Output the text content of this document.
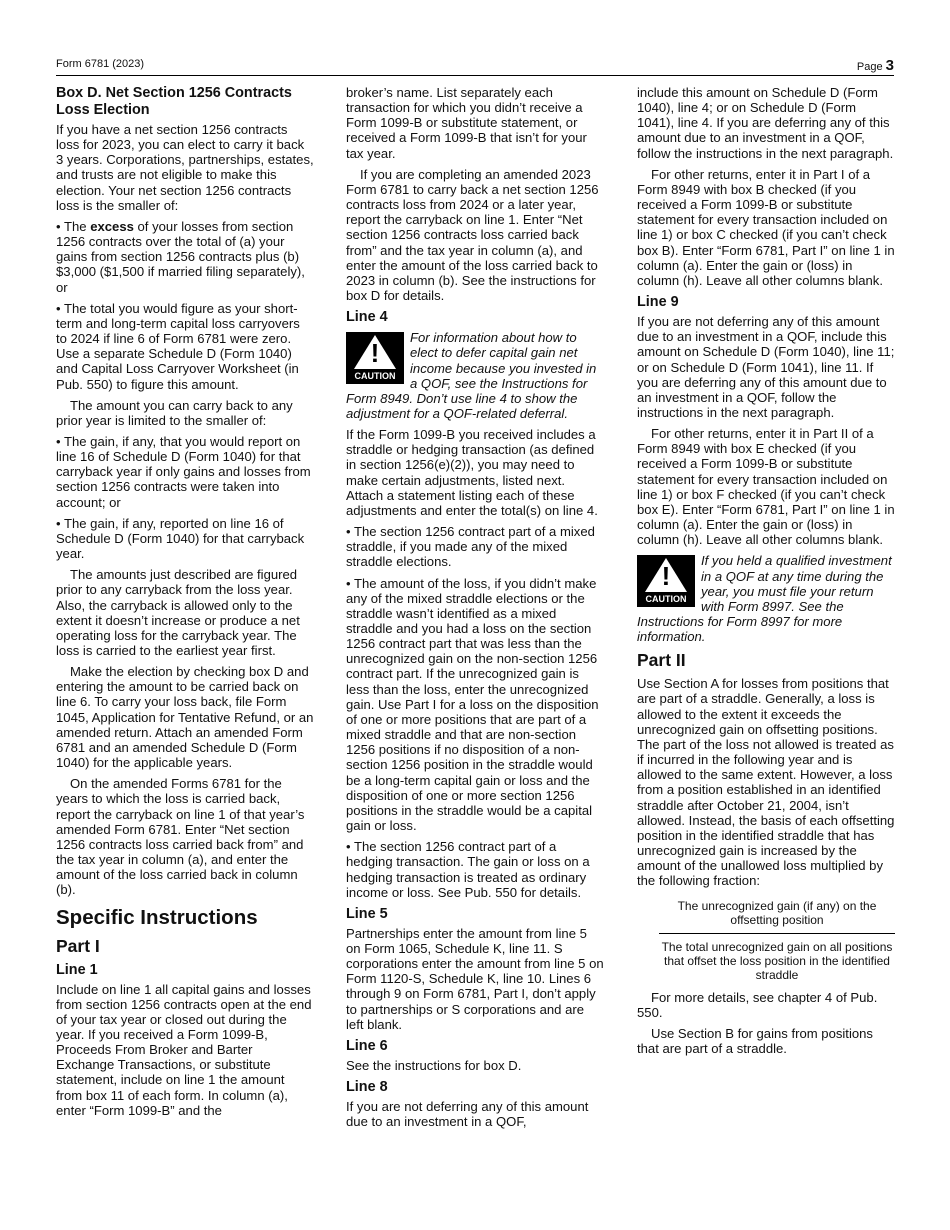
Form 6781 (2023)	Page 3
Box D. Net Section 1256 Contracts Loss Election

If you have a net section 1256 contracts loss for 2023, you can elect to carry it back 3 years. Corporations, partnerships, estates, and trusts are not eligible to make this election. Your net section 1256 contracts loss is the smaller of:

• The excess of your losses from section 1256 contracts over the total of (a) your gains from section 1256 contracts plus (b) $3,000 ($1,500 if married filing separately), or

• The total you would figure as your short-term and long-term capital loss carryovers to 2024 if line 6 of Form 6781 were zero. Use a separate Schedule D (Form 1040) and Capital Loss Carryover Worksheet (in Pub. 550) to figure this amount.

The amount you can carry back to any prior year is limited to the smaller of:

• The gain, if any, that you would report on line 16 of Schedule D (Form 1040) for that carryback year if only gains and losses from section 1256 contracts were taken into account; or

• The gain, if any, reported on line 16 of Schedule D (Form 1040) for that carryback year.

The amounts just described are figured prior to any carryback from the loss year. Also, the carryback is allowed only to the extent it doesn’t increase or produce a net operating loss for the carryback year. The loss is carried to the earliest year first.

Make the election by checking box D and entering the amount to be carried back on line 6. To carry your loss back, file Form 1045, Application for Tentative Refund, or an amended return. Attach an amended Form 6781 and an amended Schedule D (Form 1040) for the applicable years.

On the amended Forms 6781 for the years to which the loss is carried back, report the carryback on line 1 of that year’s amended Form 6781. Enter “Net section 1256 contracts loss carried back from” and the tax year in column (a), and enter the amount of the loss carried back in column (b).

Specific Instructions
Part I
Line 1

Include on line 1 all capital gains and losses from section 1256 contracts open at the end of your tax year or closed out during the year. If you received a Form 1099-B, Proceeds From Broker and Barter Exchange Transactions, or substitute statement, include on line 1 the amount from box 11 of each form. In column (a), enter “Form 1099-B” and the

broker’s name. List separately each transaction for which you didn’t receive a Form 1099-B or substitute statement, or received a Form 1099-B that isn’t for your tax year.

If you are completing an amended 2023 Form 6781 to carry back a net section 1256 contracts loss from 2024 or a later year, report the carryback on line 1. Enter “Net section 1256 contracts loss carried back from” and the tax year in column (a), and enter the amount of the loss carried back to 2023 in column (b). See the instructions for box D for details.

Line 4
!
CAUTION
For information about how to elect to defer capital gain net income because you invested in a QOF, see the Instructions for Form 8949. Don’t use line 4 to show the adjustment for a QOF-related deferral.

If the Form 1099-B you received includes a straddle or hedging transaction (as defined in section 1256(e)(2)), you may need to make certain adjustments, listed next. Attach a statement listing each of these adjustments and enter the total(s) on line 4.

• The section 1256 contract part of a mixed straddle, if you made any of the mixed straddle elections.

• The amount of the loss, if you didn’t make any of the mixed straddle elections or the straddle wasn’t identified as a mixed straddle and you had a loss on the section 1256 contract part that was less than the unrecognized gain on the non-section 1256 contract part. If the unrecognized gain is less than the loss, enter the unrecognized gain. Use Part I for a loss on the disposition of one or more positions that are part of a mixed straddle and that are non-section 1256 positions if no disposition of a non-section 1256 position in the straddle would be a long-term capital gain or loss and the disposition of one or more section 1256 positions in the straddle would be a capital gain or loss.

• The section 1256 contract part of a hedging transaction. The gain or loss on a hedging transaction is treated as ordinary income or loss. See Pub. 550 for details.

Line 5

Partnerships enter the amount from line 5 on Form 1065, Schedule K, line 11. S corporations enter the amount from line 5 on Form 1120-S, Schedule K, line 10. Lines 6 through 9 on Form 6781, Part I, don’t apply to partnerships or S corporations and are left blank.

Line 6

See the instructions for box D.

Line 8

If you are not deferring any of this amount due to an investment in a QOF,

include this amount on Schedule D (Form 1040), line 4; or on Schedule D (Form 1041), line 4. If you are deferring any of this amount due to an investment in a QOF, follow the instructions in the next paragraph.

For other returns, enter it in Part I of a Form 8949 with box B checked (if you received a Form 1099-B or substitute statement for every transaction included on line 1) or box C checked (if you can’t check box B). Enter “Form 6781, Part I” on line 1 in column (a). Enter the gain or (loss) in column (h). Leave all other columns blank.

Line 9

If you are not deferring any of this amount due to an investment in a QOF, include this amount on Schedule D (Form 1040), line 11; or on Schedule D (Form 1041), line 11. If you are deferring any of this amount due to an investment in a QOF, follow the instructions in the next paragraph.

For other returns, enter it in Part II of a Form 8949 with box E checked (if you received a Form 1099-B or substitute statement for every transaction included on line 1) or box F checked (if you can’t check box E). Enter “Form 6781, Part I” on line 1 in column (a). Enter the gain or (loss) in column (h). Leave all other columns blank.

!
CAUTION
If you held a qualified investment in a QOF at any time during the year, you must file your return with Form 8997. See the Instructions for Form 8997 for more information.
Part II

Use Section A for losses from positions that are part of a straddle. Generally, a loss is allowed to the extent it exceeds the unrecognized gain on offsetting positions. The part of the loss not allowed is treated as if incurred in the following year and is allowed to the same extent. However, a loss from a position established in an identified straddle after October 21, 2004, isn’t allowed. Instead, the basis of each offsetting position in the identified straddle that has unrecognized gain is increased by the amount of the unallowed loss multiplied by the following fraction:

The unrecognized gain (if any) on the offsetting position
The total unrecognized gain on all positions that offset the loss position in the identified straddle

For more details, see chapter 4 of Pub. 550.

Use Section B for gains from positions that are part of a straddle.
